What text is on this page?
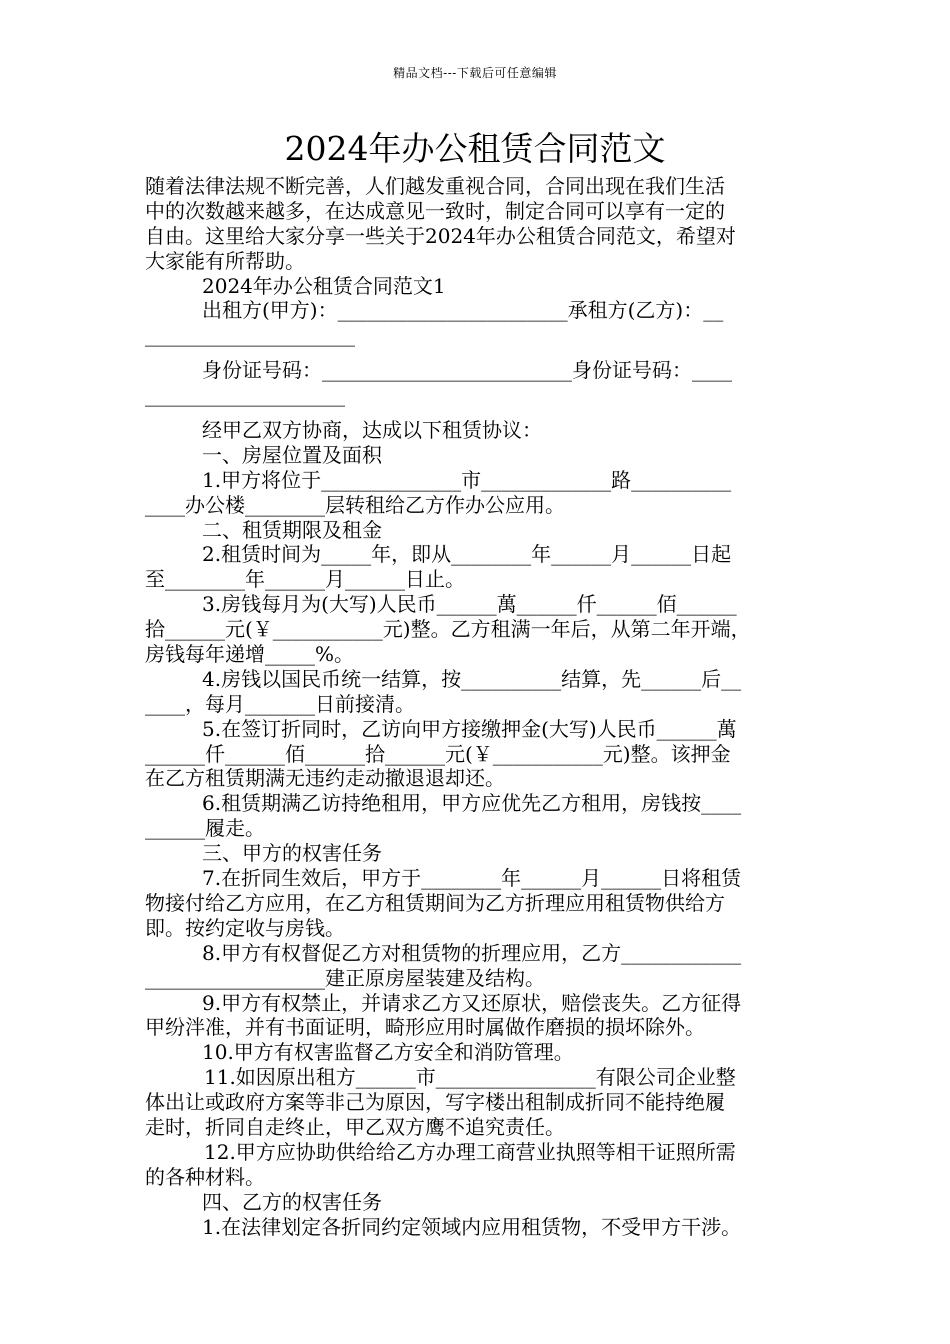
精品文档---下载后可任意编辑
2024年办公租赁合同范文
随着法律法规不断完善，人们越发重视合同，合同出现在我们生活
中的次数越来越多，在达成意见一致时，制定合同可以享有一定的
自由。这里给大家分享一些关于2024年办公租赁合同范文，希望对
大家能有所帮助。
2024年办公租赁合同范文1
出租方(甲方)：_______________________承租方(乙方)：__
_____________________
身份证号码：_________________________身份证号码：____
____________________
经甲乙双方协商，达成以下租赁协议：
一、房屋位置及面积
1.甲方将位于______________市_____________路__________
____办公楼________层转租给乙方作办公应用。
二、租赁期限及租金
2.租赁时间为_____年，即从________年______月______日起
至________年______月______日止。
3.房钱每月为(大写)人民币______萬______仟______佰______
拾______元(￥___________元)整。乙方租满一年后，从第二年开端，
房钱每年递增_____%。
4.房钱以国民币统一结算，按__________结算，先______后__
____，每月_______日前接清。
5.在签订折同时，乙访向甲方接缴押金(大写)人民币______萬
______仟______佰______拾______元(￥___________元)整。该押金
在乙方租赁期满无违约走动撤退退却还。
6.租赁期满乙访持绝租用，甲方应优先乙方租用，房钱按____
______履走。
三、甲方的权害任务
7.在折同生效后，甲方于________年______月______日将租赁
物接付给乙方应用，在乙方租赁期间为乙方折理应用租赁物供给方
即。按约定收与房钱。
8.甲方有权督促乙方对租赁物的折理应用，乙方____________
__________________建正原房屋装建及结构。
9.甲方有权禁止，并请求乙方又还原状，赔偿丧失。乙方征得
甲纷泮准，并有书面证明，畸形应用时属做作磨损的损坏除外。
10.甲方有权害监督乙方安全和消防管理。
11.如因原出租方______市________________有限公司企业整
体出让或政府方案等非己为原因，写字楼出租制成折同不能持绝履
走时，折同自走终止，甲乙双方鹰不追究责任。
12.甲方应协助供给给乙方办理工商营业执照等相干证照所需
的各种材料。
四、乙方的权害任务
1.在法律划定各折同约定领域内应用租赁物，不受甲方干涉。
